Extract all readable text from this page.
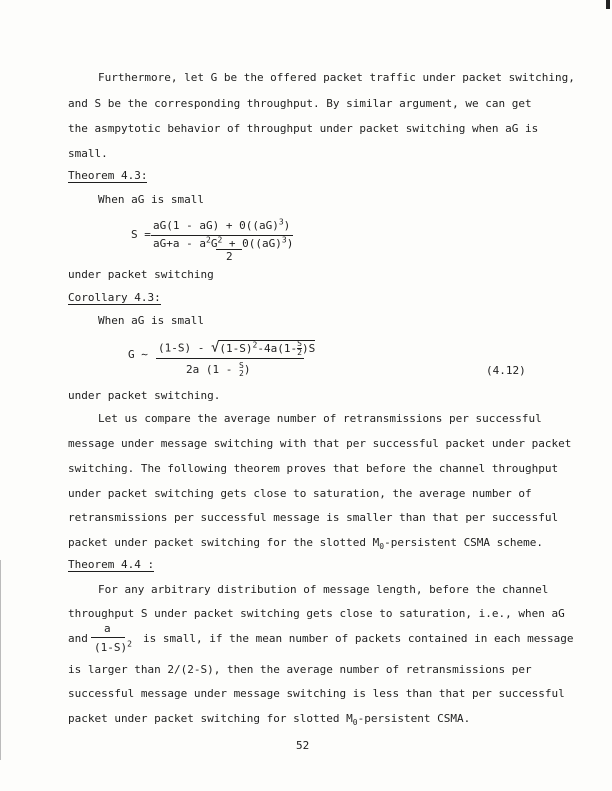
Furthermore, let G be the offered packet traffic under packet switching,
and S be the corresponding throughput. By similar argument, we can get
the asmpytotic behavior of throughput under packet switching when aG is
small.
Theorem 4.3:
When aG is small
S =
aG(1 - aG) + 0((aG)$^3$)
$aG+a - a^2G^2 + 0((aG)^3)$
2
under packet switching
Corollary 4.3:
When aG is small
G ∼ $(1-S) - √(1-S)^2-4a(1- \frac{S}{2} )S$
2a (1 - S
2 )	(4.12)
under packet switching.
Let us compare the average number of retransmissions per successful
message under message switching with that per successful packet under packet
switching. The following theorem proves that before the channel throughput
under packet switching gets close to saturation, the average number of
retransmissions per successful message is smaller than that per successful
packet under packet switching for the slotted $M_0$-persistent CSMA scheme.
Theorem 4.4 :
For any arbitrary distribution of message length, before the channel
throughput S under packet switching gets close to saturation, i.e., when aG
and
a
$(1-S)^2$ is small, if the mean number of packets contained in each message
is larger than 2/(2-S), then the average number of retransmissions per
successful message under message switching is less than that per successful
packet under packet switching for slotted $M_0$-persistent CSMA.
52
